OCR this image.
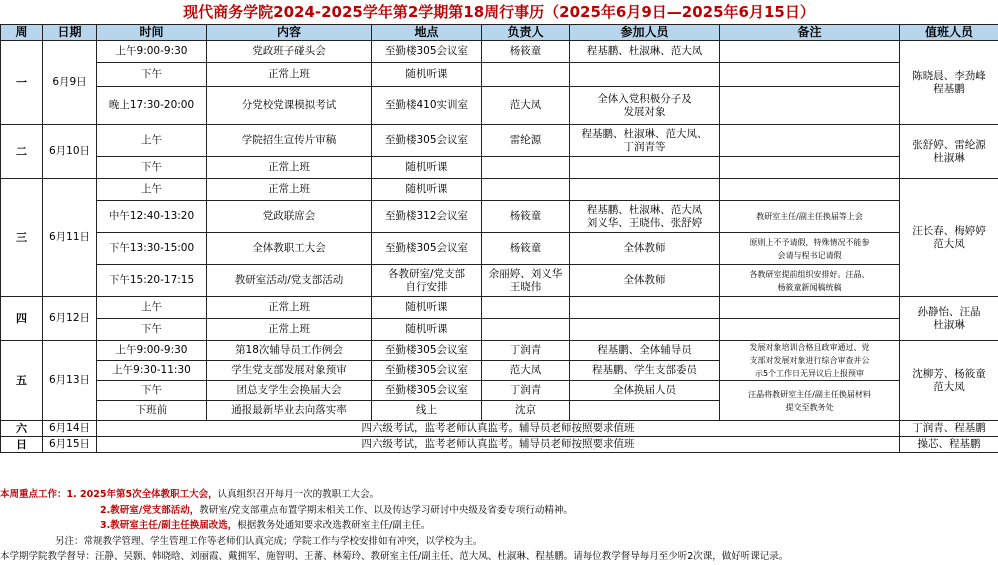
现代商务学院2024-2025学年第2学期第18周行事历（2025年6月9日—2025年6月15日）
周	日期	时间	内容	地点	负责人	参加人员	备注	值班人员
一	6月9日	上午9:00-9:30	党政班子碰头会	至勤楼305会议室	杨筱童	程基鹏、杜淑琳、范大凤		陈晓晨、李劲峰
程基鹏
		下午	正常上班	随机听课				
		晚上17:30-20:00	分党校党课模拟考试	至勤楼410实训室	范大凤	全体入党积极分子及
发展对象		
二	6月10日	上午	学院招生宣传片审稿	至勤楼305会议室	雷纶源	程基鹏、杜淑琳、范大凤、
丁润青等		张舒婷、雷纶源
杜淑琳
		下午	正常上班	随机听课				
三	6月11日	上午	正常上班	随机听课				汪长春、梅婷婷
范大凤
		中午12:40-13:20	党政联席会	至勤楼312会议室	杨筱童	程基鹏、杜淑琳、范大凤
刘义华、王晓伟、张舒婷	教研室主任/副主任换届等上会	
		下午13:30-15:00	全体教职工大会	至勤楼305会议室	杨筱童	全体教师	原则上不予请假，特殊情况不能参
会请与程书记请假	
		下午15:20-17:15	教研室活动/党支部活动	各教研室/党支部
自行安排	余丽婷、刘义华
王晓伟	全体教师	各教研室提前组织安排好。汪晶、
杨筱童新闻稿统稿	
四	6月12日	上午	正常上班	随机听课				孙静怡、汪晶
杜淑琳
		下午	正常上班	随机听课				
五	6月13日	上午9:00-9:30	第18次辅导员工作例会	至勤楼305会议室	丁润青	程基鹏、全体辅导员	发展对象培训合格且政审通过、党
支部对发展对象进行综合审查并公
示5个工作日无异议后上报预审	沈柳芳、杨筱童
范大凤
		上午9:30-11:30	学生党支部发展对象预审	至勤楼305会议室	范大凤	程基鹏、学生支部委员		
		下午	团总支学生会换届大会	至勤楼305会议室	丁润青	全体换届人员	汪晶将教研室主任/副主任换届材料
提交至教务处	
		下班前	通报最新毕业去向落实率	线上	沈京			
六	6月14日	四六级考试，监考老师认真监考。辅导员老师按照要求值班						丁润青、程基鹏
日	6月15日	四六级考试，监考老师认真监考。辅导员老师按照要求值班						操芯、程基鹏
本周重点工作：1. 2025年第5次全体教职工大会，认真组织召开每月一次的教职工大会。
2.教研室/党支部活动，教研室/党支部重点布置学期末相关工作、以及传达学习研讨中央级及省委专项行动精神。
3.教研室主任/副主任换届改选，根据教务处通知要求改选教研室主任/副主任。
另注：常规教学管理、学生管理工作等老师们认真完成；学院工作与学校安排如有冲突，以学校为主。
本学期学院教学督导：汪静、吴颢、韩晓晗、刘丽霞、戴拥军、施智明、王蕃、林菊玲、教研室主任/副主任、范大凤、杜淑琳、程基鹏。请每位教学督导每月至少听2次课，做好听课记录。
